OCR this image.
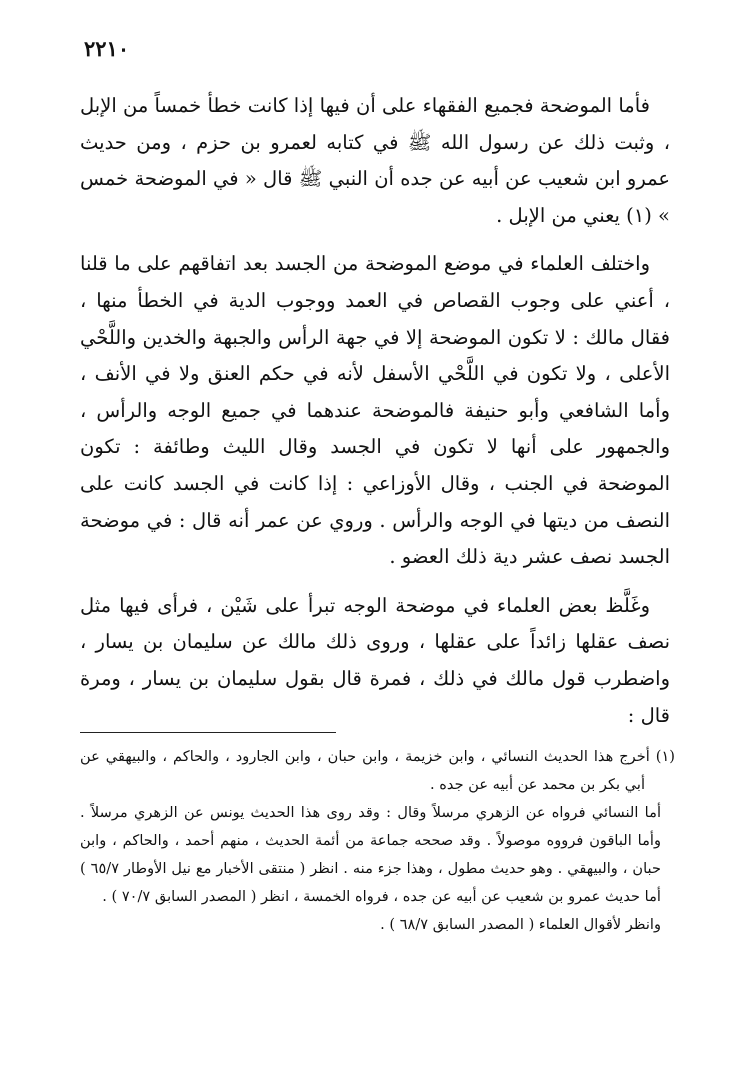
٢٢١٠

فأما الموضحة فجميع الفقهاء على أن فيها إذا كانت خطأ خمساً من الإبل ، وثبت ذلك عن رسول الله ﷺ في كتابه لعمرو بن حزم ، ومن حديث عمرو ابن شعيب عن أبيه عن جده أن النبي ﷺ قال « في الموضحة خمس » (١) يعني من الإبل .

واختلف العلماء في موضع الموضحة من الجسد بعد اتفاقهم على ما قلنا ، أعني على وجوب القصاص في العمد ووجوب الدية في الخطأ منها ، فقال مالك : لا تكون الموضحة إلا في جهة الرأس والجبهة والخدين واللَّحْي الأعلى ، ولا تكون في اللَّحْي الأسفل لأنه في حكم العنق ولا في الأنف ، وأما الشافعي وأبو حنيفة فالموضحة عندهما في جميع الوجه والرأس ، والجمهور على أنها لا تكون في الجسد وقال الليث وطائفة : تكون الموضحة في الجنب ، وقال الأوزاعي : إذا كانت في الجسد كانت على النصف من ديتها في الوجه والرأس . وروي عن عمر أنه قال : في موضحة الجسد نصف عشر دية ذلك العضو .

وغَلَّظ بعض العلماء في موضحة الوجه تبرأ على شَيْن ، فرأى فيها مثل نصف عقلها زائداً على عقلها ، وروى ذلك مالك عن سليمان بن يسار ، واضطرب قول مالك في ذلك ، فمرة قال بقول سليمان بن يسار ، ومرة قال :

(١) أخرج هذا الحديث النسائي ، وابن خزيمة ، وابن حبان ، وابن الجارود ، والحاكم ، والبيهقي عن أبي بكر بن محمد عن أبيه عن جده .

أما النسائي فرواه عن الزهري مرسلاً وقال : وقد روى هذا الحديث يونس عن الزهري مرسلاً . وأما الباقون فرووه موصولاً . وقد صححه جماعة من أئمة الحديث ، منهم أحمد ، والحاكم ، وابن حبان ، والبيهقي . وهو حديث مطول ، وهذا جزء منه . انظر ( منتقى الأخبار مع نيل الأوطار ٦٥/٧ ) أما حديث عمرو بن شعيب عن أبيه عن جده ، فرواه الخمسة ، انظر ( المصدر السابق ٧٠/٧ ) .

وانظر لأقوال العلماء ( المصدر السابق ٦٨/٧ ) .
